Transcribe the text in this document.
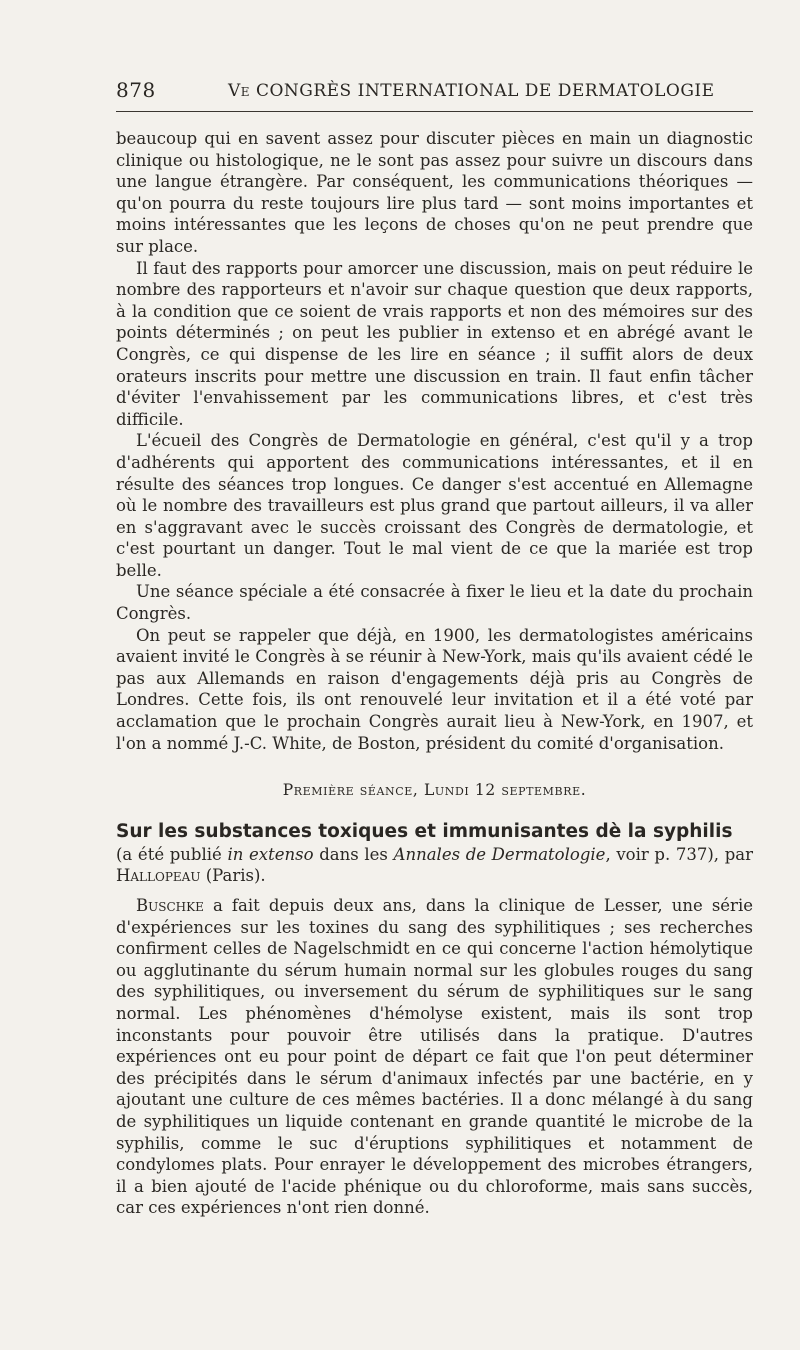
878	Ve CONGRÈS INTERNATIONAL DE DERMATOLOGIE

beaucoup qui en savent assez pour discuter pièces en main un diagnostic clinique ou histologique, ne le sont pas assez pour suivre un discours dans une langue étrangère. Par conséquent, les communications théoriques — qu'on pourra du reste toujours lire plus tard — sont moins importantes et moins intéressantes que les leçons de choses qu'on ne peut prendre que sur place.

Il faut des rapports pour amorcer une discussion, mais on peut réduire le nombre des rapporteurs et n'avoir sur chaque question que deux rapports, à la condition que ce soient de vrais rapports et non des mémoires sur des points déterminés ; on peut les publier in extenso et en abrégé avant le Congrès, ce qui dispense de les lire en séance ; il suffit alors de deux orateurs inscrits pour mettre une discussion en train. Il faut enfin tâcher d'éviter l'envahissement par les communications libres, et c'est très difficile.

L'écueil des Congrès de Dermatologie en général, c'est qu'il y a trop d'adhérents qui apportent des communications intéressantes, et il en résulte des séances trop longues. Ce danger s'est accentué en Allemagne où le nombre des travailleurs est plus grand que partout ailleurs, il va aller en s'aggravant avec le succès croissant des Congrès de dermatologie, et c'est pourtant un danger. Tout le mal vient de ce que la mariée est trop belle.

Une séance spéciale a été consacrée à fixer le lieu et la date du prochain Congrès.

On peut se rappeler que déjà, en 1900, les dermatologistes américains avaient invité le Congrès à se réunir à New-York, mais qu'ils avaient cédé le pas aux Allemands en raison d'engagements déjà pris au Congrès de Londres. Cette fois, ils ont renouvelé leur invitation et il a été voté par acclamation que le prochain Congrès aurait lieu à New-York, en 1907, et l'on a nommé J.-C. White, de Boston, président du comité d'organisation.

Première séance, Lundi 12 septembre.
Sur les substances toxiques et immunisantes dè la syphilis

(a été publié in extenso dans les Annales de Dermatologie, voir p. 737), par Hallopeau (Paris).

Buschke a fait depuis deux ans, dans la clinique de Lesser, une série d'expériences sur les toxines du sang des syphilitiques ; ses recherches confirment celles de Nagelschmidt en ce qui concerne l'action hémolytique ou agglutinante du sérum humain normal sur les globules rouges du sang des syphilitiques, ou inversement du sérum de syphilitiques sur le sang normal. Les phénomènes d'hémolyse existent, mais ils sont trop inconstants pour pouvoir être utilisés dans la pratique. D'autres expériences ont eu pour point de départ ce fait que l'on peut déterminer des précipités dans le sérum d'animaux infectés par une bactérie, en y ajoutant une culture de ces mêmes bactéries. Il a donc mélangé à du sang de syphilitiques un liquide contenant en grande quantité le microbe de la syphilis, comme le suc d'éruptions syphilitiques et notamment de condylomes plats. Pour enrayer le développement des microbes étrangers, il a bien ajouté de l'acide phénique ou du chloroforme, mais sans succès, car ces expériences n'ont rien donné.
